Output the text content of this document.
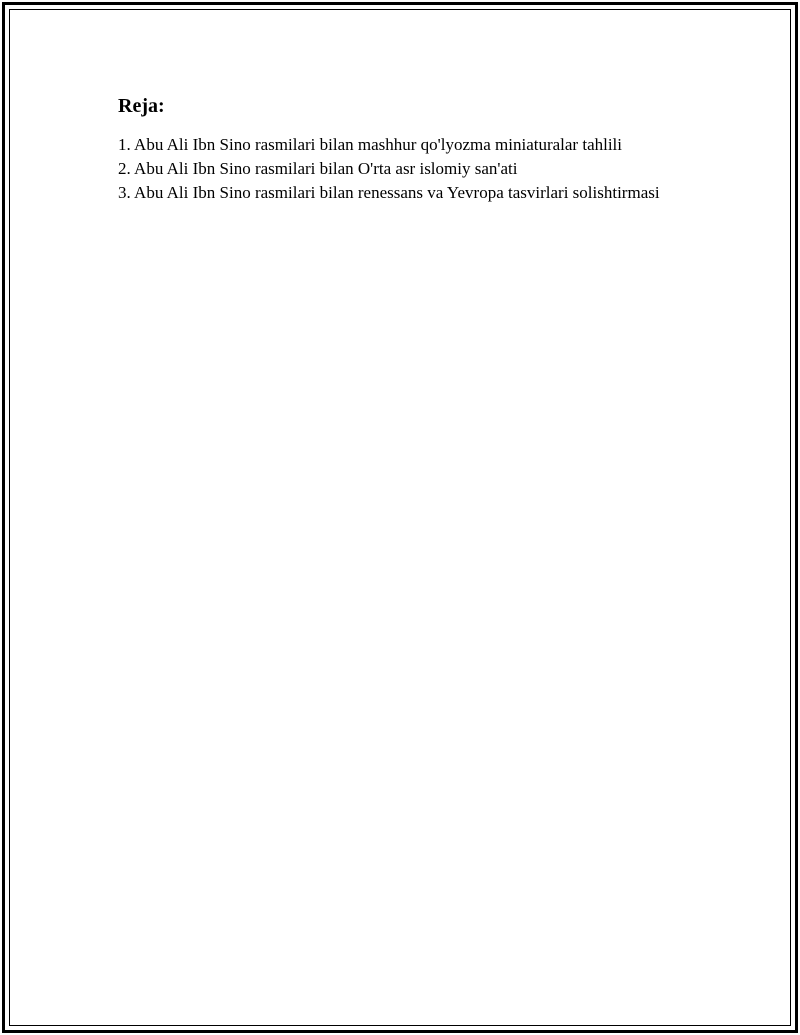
Reja:
1. Abu Ali Ibn Sino rasmilari bilan mashhur qo'lyozma miniaturalar tahlili
2. Abu Ali Ibn Sino rasmilari bilan O'rta asr islomiy san'ati
3. Abu Ali Ibn Sino rasmilari bilan renessans va Yevropa tasvirlari solishtirmasi
